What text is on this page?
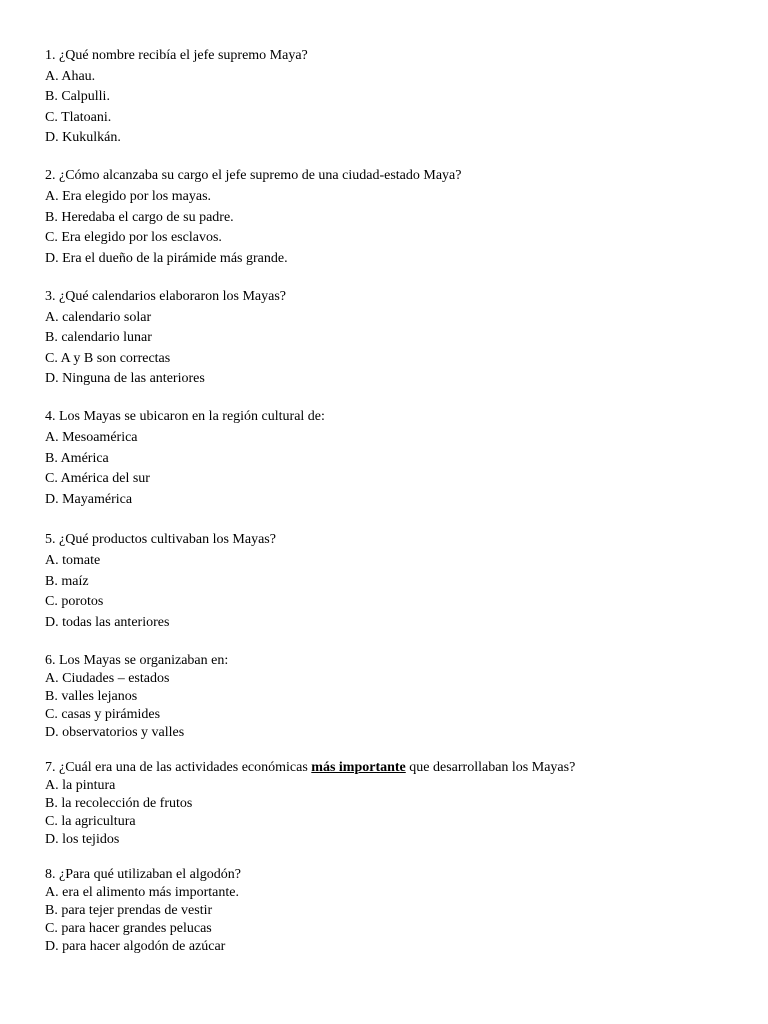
1. ¿Qué nombre recibía el jefe supremo Maya?
A. Ahau.
B. Calpulli.
C. Tlatoani.
D. Kukulkán.
2. ¿Cómo alcanzaba su cargo el jefe supremo de una ciudad-estado Maya?
A. Era elegido por los mayas.
B. Heredaba el cargo de su padre.
C. Era elegido por los esclavos.
D. Era el dueño de la pirámide más grande.
3. ¿Qué calendarios elaboraron los Mayas?
A. calendario solar
B. calendario lunar
C. A y B son correctas
D. Ninguna de las anteriores
4. Los Mayas se ubicaron en la región cultural de:
A. Mesoamérica
B. América
C. América del sur
D. Mayamérica
5. ¿Qué productos cultivaban los Mayas?
A. tomate
B. maíz
C. porotos
D. todas las anteriores
6. Los Mayas se organizaban en:
A. Ciudades – estados
B. valles lejanos
C. casas y pirámides
D. observatorios y valles
7. ¿Cuál era una de las actividades económicas más importante que desarrollaban los Mayas?
A. la pintura
B. la recolección de frutos
C. la agricultura
D. los tejidos
8. ¿Para qué utilizaban el algodón?
A. era el alimento más importante.
B. para tejer prendas de vestir
C. para hacer grandes pelucas
D. para hacer algodón de azúcar
